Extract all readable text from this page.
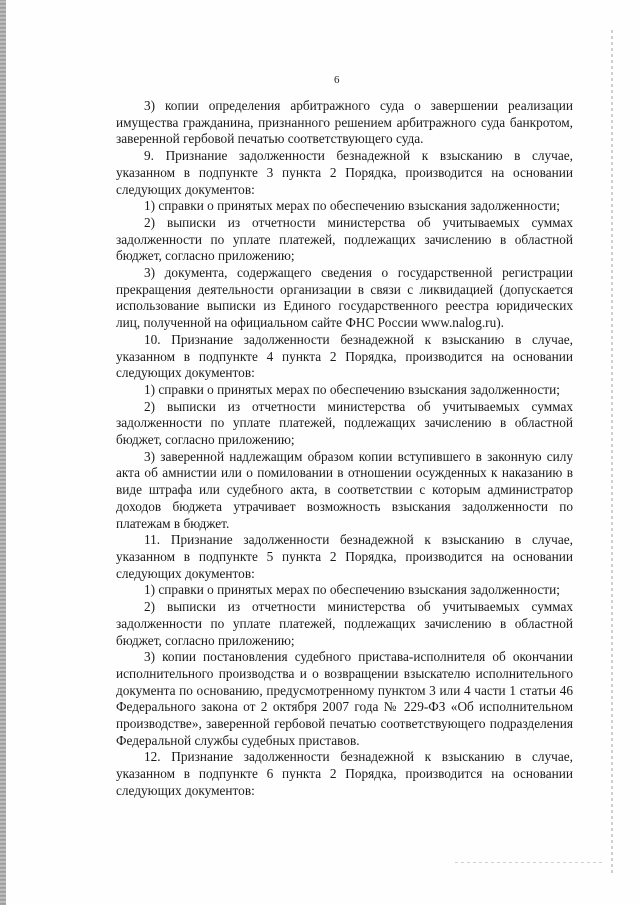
6

3) копии определения арбитражного суда о завершении реализации имущества гражданина, признанного решением арбитражного суда банкротом, заверенной гербовой печатью соответствующего суда.

9. Признание задолженности безнадежной к взысканию в случае, указанном в подпункте 3 пункта 2 Порядка, производится на основании следующих документов:

1) справки о принятых мерах по обеспечению взыскания задолженности;

2) выписки из отчетности министерства об учитываемых суммах задолженности по уплате платежей, подлежащих зачислению в областной бюджет, согласно приложению;

3) документа, содержащего сведения о государственной регистрации прекращения деятельности организации в связи с ликвидацией (допускается использование выписки из Единого государственного реестра юридических лиц, полученной на официальном сайте ФНС России www.nalog.ru).

10. Признание задолженности безнадежной к взысканию в случае, указанном в подпункте 4 пункта 2 Порядка, производится на основании следующих документов:

1) справки о принятых мерах по обеспечению взыскания задолженности;

2) выписки из отчетности министерства об учитываемых суммах задолженности по уплате платежей, подлежащих зачислению в областной бюджет, согласно приложению;

3) заверенной надлежащим образом копии вступившего в законную силу акта об амнистии или о помиловании в отношении осужденных к наказанию в виде штрафа или судебного акта, в соответствии с которым администратор доходов бюджета утрачивает возможность взыскания задолженности по платежам в бюджет.

11. Признание задолженности безнадежной к взысканию в случае, указанном в подпункте 5 пункта 2 Порядка, производится на основании следующих документов:

1) справки о принятых мерах по обеспечению взыскания задолженности;

2) выписки из отчетности министерства об учитываемых суммах задолженности по уплате платежей, подлежащих зачислению в областной бюджет, согласно приложению;

3) копии постановления судебного пристава-исполнителя об окончании исполнительного производства и о возвращении взыскателю исполнительного документа по основанию, предусмотренному пунктом 3 или 4 части 1 статьи 46 Федерального закона от 2 октября 2007 года № 229-ФЗ «Об исполнительном производстве», заверенной гербовой печатью соответствующего подразделения Федеральной службы судебных приставов.

12. Признание задолженности безнадежной к взысканию в случае, указанном в подпункте 6 пункта 2 Порядка, производится на основании следующих документов:
